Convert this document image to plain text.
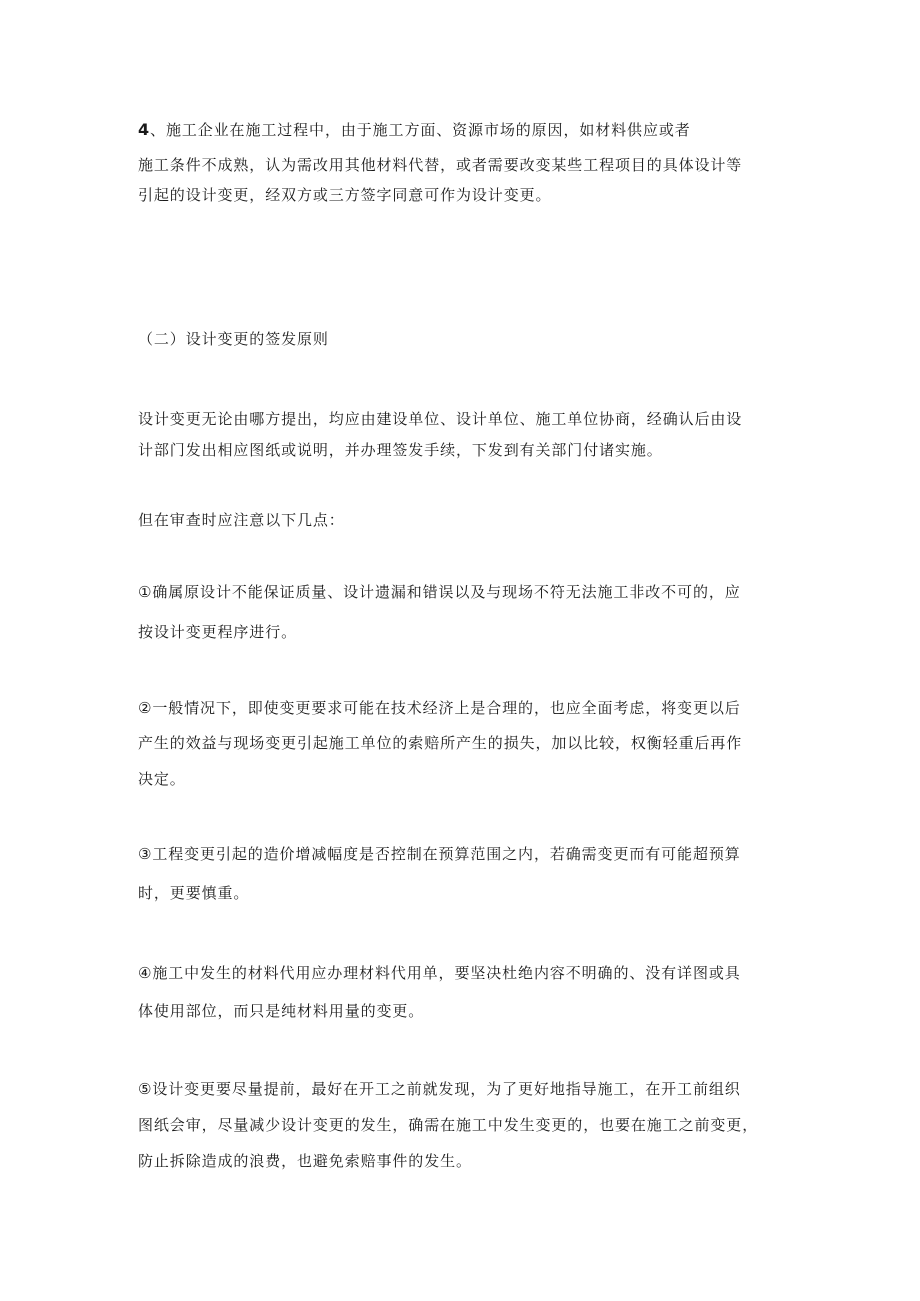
4、施工企业在施工过程中，由于施工方面、资源市场的原因，如材料供应或者

施工条件不成熟，认为需改用其他材料代替，或者需要改变某些工程项目的具体设计等

引起的设计变更，经双方或三方签字同意可作为设计变更。

（二）设计变更的签发原则

设计变更无论由哪方提出，均应由建设单位、设计单位、施工单位协商，经确认后由设

计部门发出相应图纸或说明，并办理签发手续，下发到有关部门付诸实施。

但在审查时应注意以下几点：

①确属原设计不能保证质量、设计遗漏和错误以及与现场不符无法施工非改不可的，应

按设计变更程序进行。

②一般情况下，即使变更要求可能在技术经济上是合理的，也应全面考虑，将变更以后

产生的效益与现场变更引起施工单位的索赔所产生的损失，加以比较，权衡轻重后再作

决定。

③工程变更引起的造价增减幅度是否控制在预算范围之内，若确需变更而有可能超预算

时，更要慎重。

④施工中发生的材料代用应办理材料代用单，要坚决杜绝内容不明确的、没有详图或具

体使用部位，而只是纯材料用量的变更。

⑤设计变更要尽量提前，最好在开工之前就发现，为了更好地指导施工，在开工前组织

图纸会审，尽量减少设计变更的发生，确需在施工中发生变更的，也要在施工之前变更，

防止拆除造成的浪费，也避免索赔事件的发生。
